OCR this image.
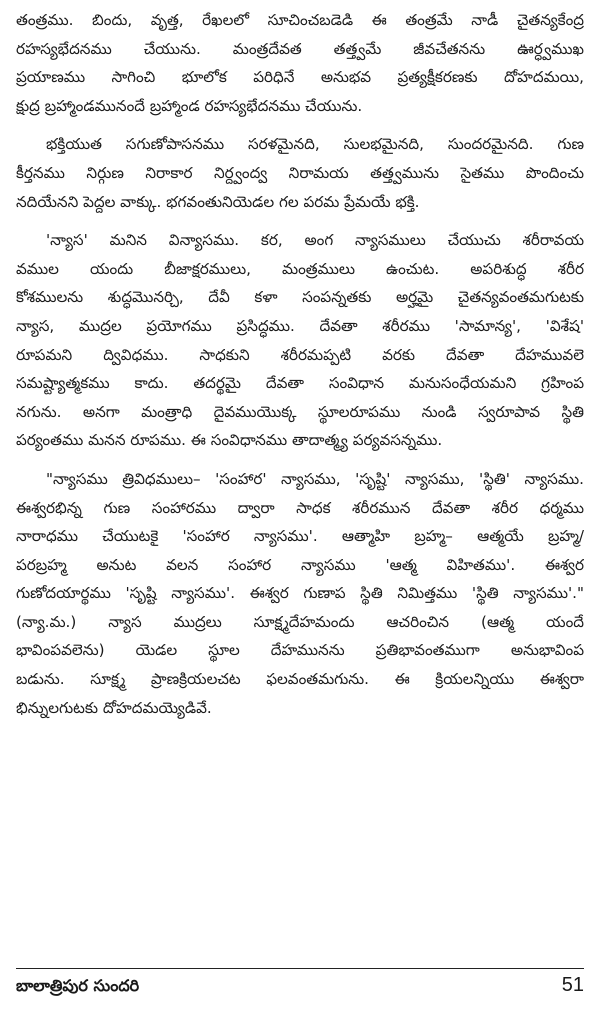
తంత్రము. బిందు, వృత్త, రేఖలలో సూచించబడెడి ఈ తంత్రమే నాడీ చైతన్యకేంద్ర
రహస్యభేదనము చేయును. మంత్రదేవత తత్త్వమే జీవచేతనను ఊర్ధ్వముఖ
ప్రయాణము సాగించి భూలోక పరిధినే అనుభవ ప్రత్యక్షీకరణకు దోహదమయి,
క్షుద్ర బ్రహ్మాండమునందే బ్రహ్మాండ రహస్యభేదనము చేయును.
భక్తియుత సగుణోపాసనము సరళమైనది, సులభమైనది, సుందరమైనది. గుణ
కీర్తనము నిర్గుణ నిరాకార నిర్ద్వంద్వ నిరామయ తత్త్వమును సైతము పొందించు
నదియేనని పెద్దల వాక్కు. భగవంతునియెడల గల పరమ ప్రేమయే భక్తి.
'న్యాస' మనిన విన్యాసము. కర, అంగ న్యాసములు చేయుచు శరీరావయ
వముల యందు బీజాక్షరములు, మంత్రములు ఉంచుట. అపరిశుద్ధ శరీర
కోశములను శుద్ధమొనర్చి, దేవీ కళా సంపన్నతకు అర్హమై చైతన్యవంతమగుటకు
న్యాస, ముద్రల ప్రయోగము ప్రసిద్ధము. దేవతా శరీరము 'సామాన్య', 'విశేష'
రూపమని ద్వివిధము. సాధకుని శరీరమప్పటి వరకు దేవతా దేహమువలె
సమష్ట్యాత్మకము కాదు. తదర్థమై దేవతా సంవిధాన మనుసంధేయమని గ్రహింప
నగును. అనగా మంత్రాధి దైవముయొక్క స్థూలరూపము నుండి స్వరూపావ స్థితి
పర్యంతము మనన రూపము. ఈ సంవిధానము తాదాత్మ్య పర్యవసన్నము.
"న్యాసము త్రివిధములు– 'సంహార' న్యాసము, 'సృష్టి' న్యాసము, 'స్థితి' న్యాసము.
ఈశ్వరభిన్న గుణ సంహారము ద్వారా సాధక శరీరమున దేవతా శరీర ధర్మము
నారాధము చేయుటకై 'సంహార న్యాసము'. ఆత్మాహి బ్రహ్మ– ఆత్మయే బ్రహ్మ/
పరబ్రహ్మ అనుట వలన సంహార న్యాసము 'ఆత్మ విహితము'. ఈశ్వర
గుణోదయార్థము 'సృష్టి న్యాసము'. ఈశ్వర గుణాప స్థితి నిమిత్తము 'స్థితి న్యాసము'."
(న్యా.మ.) న్యాస ముద్రలు సూక్ష్మదేహమందు ఆచరించిన (ఆత్మ యందే
భావింపవలెను) యెడల స్థూల దేహమునను ప్రతిభావంతముగా అనుభావింప
బడును. సూక్ష్మ ప్రాణక్రియలచట ఫలవంతమగును. ఈ క్రియలన్నియు ఈశ్వరా
భిన్నులగుటకు దోహదమయ్యెడివే.
బాలాత్రిపుర సుందరి	51
